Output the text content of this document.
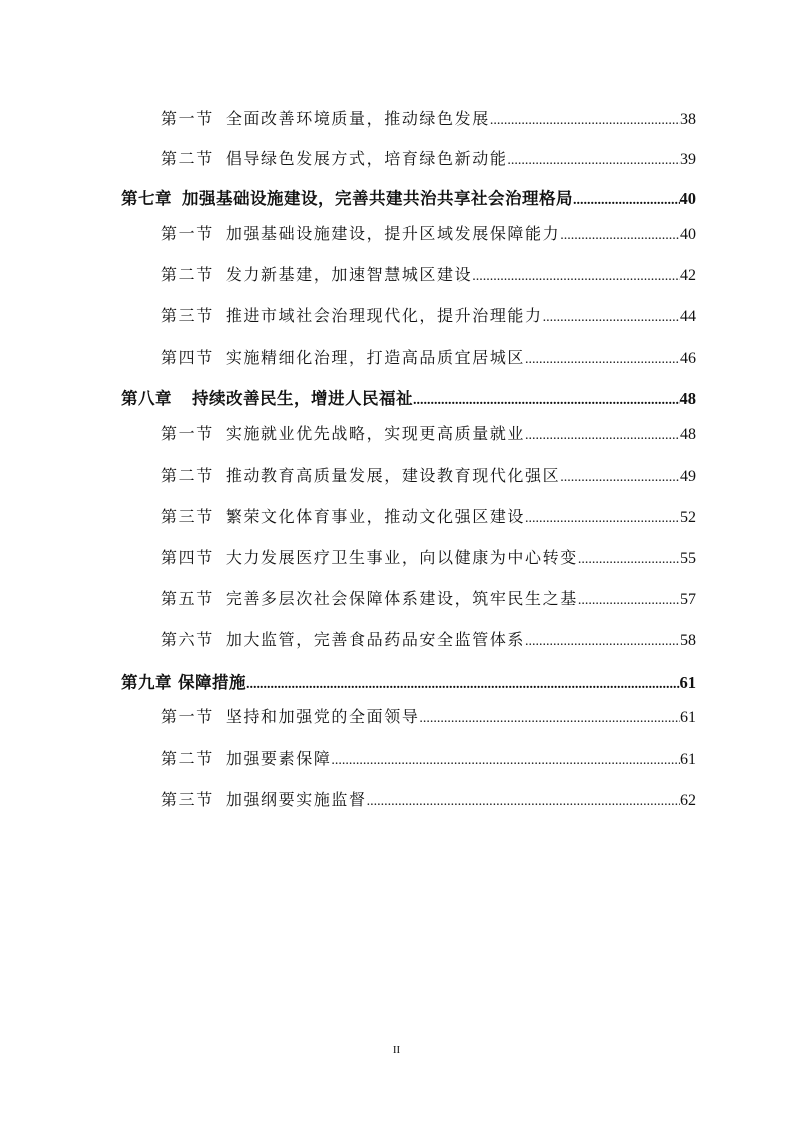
第一节 全面改善环境质量，推动绿色发展 .....	38
第二节 倡导绿色发展方式，培育绿色新动能 .....	39
第七章 加强基础设施建设，完善共建共治共享社会治理格局 .....	40
第一节 加强基础设施建设，提升区域发展保障能力 .....	40
第二节 发力新基建，加速智慧城区建设 .....	42
第三节 推进市域社会治理现代化，提升治理能力 .....	44
第四节 实施精细化治理，打造高品质宜居城区 .....	46
第八章 持续改善民生，增进人民福祉 .....	48
第一节 实施就业优先战略，实现更高质量就业 .....	48
第二节 推动教育高质量发展，建设教育现代化强区 .....	49
第三节 繁荣文化体育事业，推动文化强区建设 .....	52
第四节 大力发展医疗卫生事业，向以健康为中心转变 .....	55
第五节 完善多层次社会保障体系建设，筑牢民生之基 .....	57
第六节 加大监管，完善食品药品安全监管体系 .....	58
第九章 保障措施 .....	61
第一节 坚持和加强党的全面领导 .....	61
第二节 加强要素保障 .....	61
第三节 加强纲要实施监督 .....	62
II
